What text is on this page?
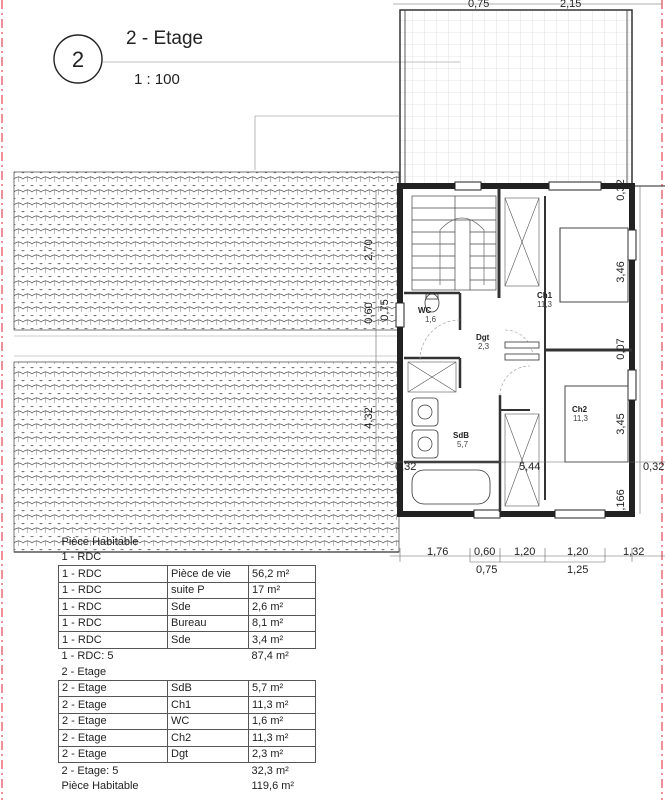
2
2 - Etage
1 : 100
0,75	2,15
WC
1,6
Dgt
2,3
Ch1
11,3
Ch2
11,3
SdB
5,7
2,70
0,60 0,75
4,32
0,32
3,46
0,07
3,45
0,166
0,32	5,44	0,32
1,76 0,60 1,20	1,20	1,32
0,75	1,25
Pièce Habitable		
1 - RDC		
1 - RDC	Pièce de vie	56,2 m²
1 - RDC	suite P	17 m²
1 - RDC	Sde	2,6 m²
1 - RDC	Bureau	8,1 m²
1 - RDC	Sde	3,4 m²
1 - RDC: 5		87,4 m²
2 - Etage		
2 - Etage	SdB	5,7 m²
2 - Etage	Ch1	11,3 m²
2 - Etage	WC	1,6 m²
2 - Etage	Ch2	11,3 m²
2 - Etage	Dgt	2,3 m²
2 - Etage: 5		32,3 m²
Pièce Habitable		119,6 m²
